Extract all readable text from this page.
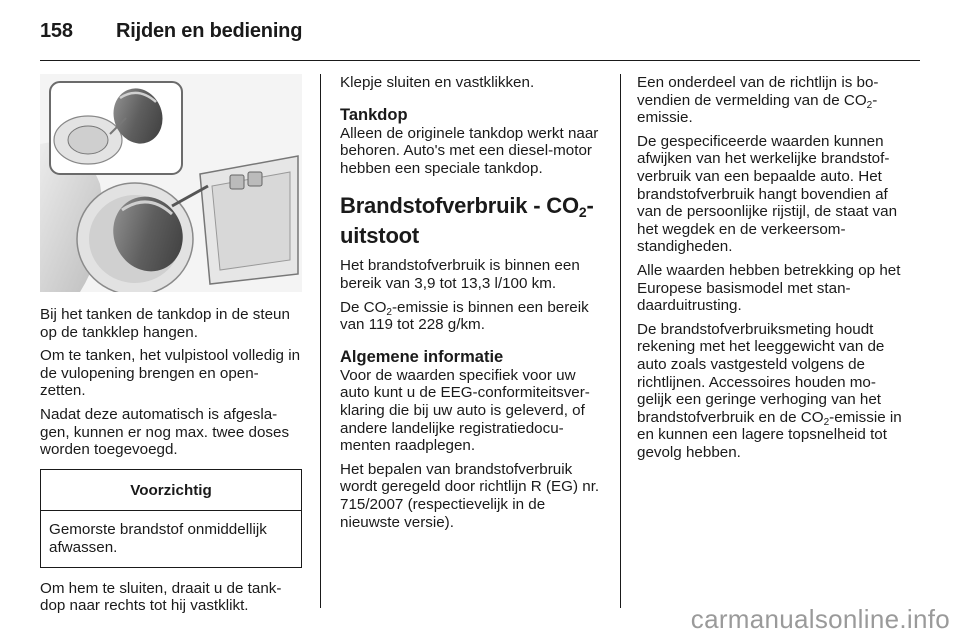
158 Rijden en bediening

Bij het tanken de tankdop in de steun op de tankklep hangen.

Om te tanken, het vulpistool volledig in de vulopening brengen en open-zetten.

Nadat deze automatisch is afgesla-gen, kunnen er nog max. twee doses worden toegevoegd.

Voorzichtig
Gemorste brandstof onmiddellijk afwassen.

Om hem te sluiten, draait u de tank-dop naar rechts tot hij vastklikt.

Klepje sluiten en vastklikken.

Tankdop

Alleen de originele tankdop werkt naar behoren. Auto's met een diesel-motor hebben een speciale tankdop.

Brandstofverbruik - $CO_2$-uitstoot

Het brandstofverbruik is binnen een bereik van 3,9 tot 13,3 l/100 km.

De $CO_2$-emissie is binnen een bereik van 119 tot 228 g/km.

Algemene informatie

Voor de waarden specifiek voor uw auto kunt u de EEG-conformiteitsver-klaring die bij uw auto is geleverd, of andere landelijke registratiedocu-menten raadplegen.

Het bepalen van brandstofverbruik wordt geregeld door richtlijn R (EG) nr. 715/2007 (respectievelijk in de nieuwste versie).

Een onderdeel van de richtlijn is bo-vendien de vermelding van de $CO_2$-emissie.

De gespecificeerde waarden kunnen afwijken van het werkelijke brandstof-verbruik van een bepaalde auto. Het brandstofverbruik hangt bovendien af van de persoonlijke rijstijl, de staat van het wegdek en de verkeersom-standigheden.

Alle waarden hebben betrekking op het Europese basismodel met stan-daarduitrusting.

De brandstofverbruiksmeting houdt rekening met het leeggewicht van de auto zoals vastgesteld volgens de richtlijnen. Accessoires houden mo-gelijk een geringe verhoging van het brandstofverbruik en de $CO_2$-emissie in en kunnen een lagere topsnelheid tot gevolg hebben.

carmanualsonline.info
